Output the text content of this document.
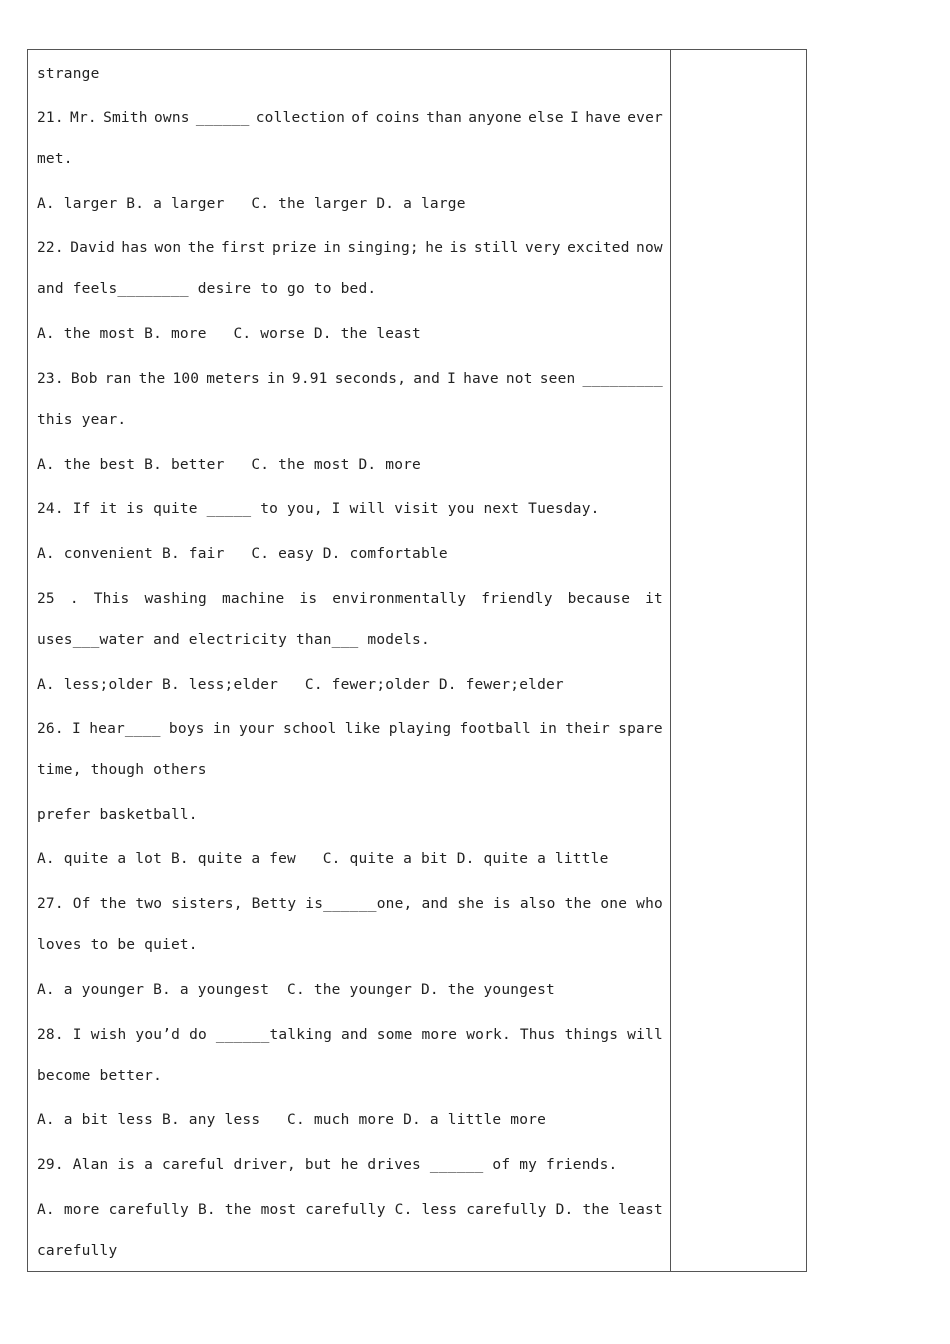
strange
21. Mr. Smith owns ______ collection of coins than anyone else I have ever
met.
A. larger B. a larger   C. the larger D. a large
22. David has won the first prize in singing; he is still very excited now
and feels________ desire to go to bed.
A. the most B. more   C. worse D. the least
23. Bob ran the 100 meters in 9.91 seconds, and I have not seen _________
this year.
A. the best B. better   C. the most D. more
24. If it is quite _____ to you, I will visit you next Tuesday.
A. convenient B. fair   C. easy D. comfortable
25 . This washing machine is environmentally friendly because it
uses___water and electricity than___ models.
A. less;older B. less;elder   C. fewer;older D. fewer;elder
26. I hear____ boys in your school like playing football in their spare
time, though others
prefer basketball.
A. quite a lot B. quite a few   C. quite a bit D. quite a little
27. Of the two sisters, Betty is______one, and she is also the one who
loves to be quiet.
A. a younger B. a youngest  C. the younger D. the youngest
28. I wish you’d do ______talking and some more work. Thus things will
become better.
A. a bit less B. any less   C. much more D. a little more
29. Alan is a careful driver, but he drives ______ of my friends.
A. more carefully B. the most carefully C. less carefully D. the least
carefully
